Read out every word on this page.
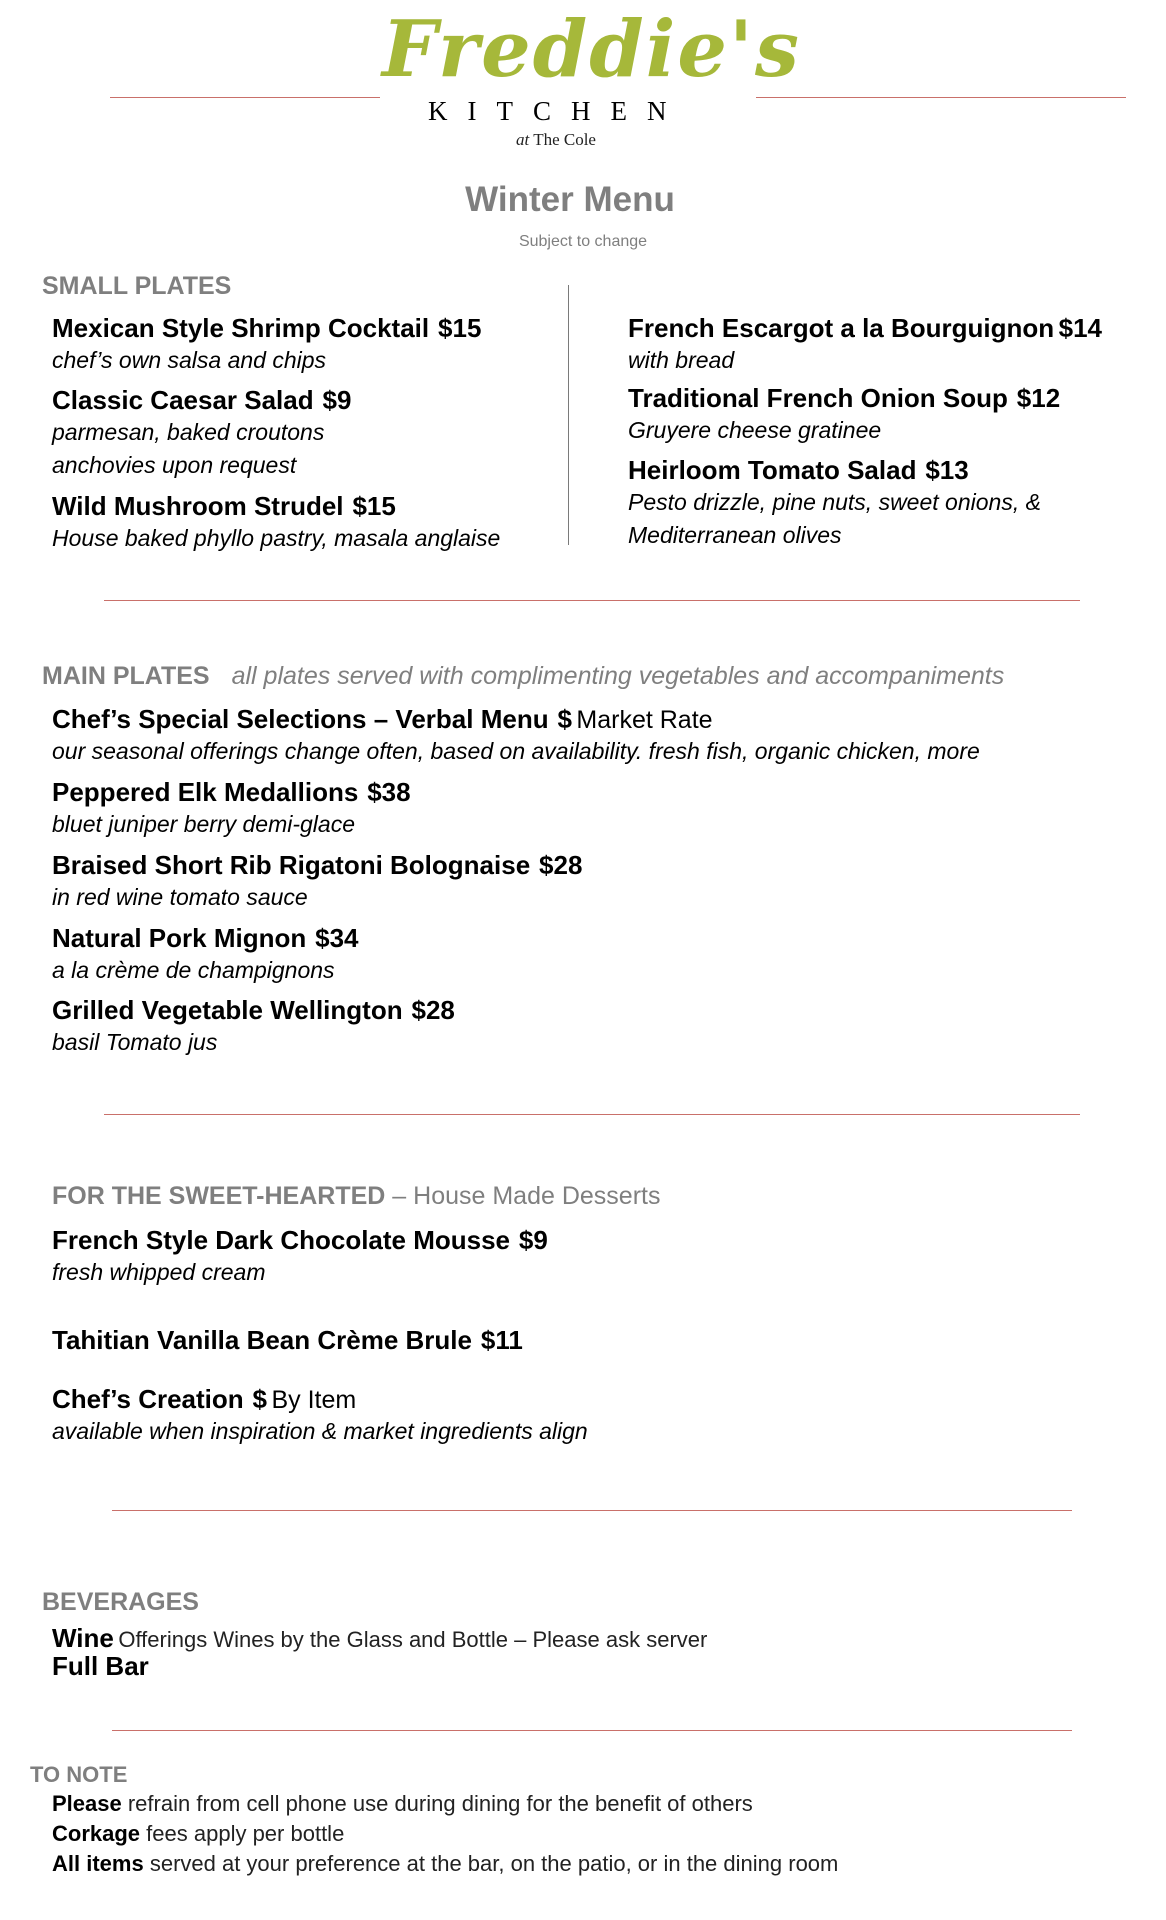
Freddie's
KITCHEN
at The Cole
Winter Menu
Subject to change
SMALL PLATES
Mexican Style Shrimp Cocktail $15
chef’s own salsa and chips
Classic Caesar Salad $9
parmesan, baked croutons
anchovies upon request
Wild Mushroom Strudel $15
House baked phyllo pastry, masala anglaise
French Escargot a la Bourguignon $14
with bread
Traditional French Onion Soup $12
Gruyere cheese gratinee
Heirloom Tomato Salad $13
Pesto drizzle, pine nuts, sweet onions, &
Mediterranean olives
MAIN PLATES all plates served with complimenting vegetables and accompaniments
Chef’s Special Selections – Verbal Menu $ Market Rate
our seasonal offerings change often, based on availability. fresh fish, organic chicken, more
Peppered Elk Medallions $38
bluet juniper berry demi-glace
Braised Short Rib Rigatoni Bolognaise $28
in red wine tomato sauce
Natural Pork Mignon $34
a la crème de champignons
Grilled Vegetable Wellington $28
basil Tomato jus
FOR THE SWEET-HEARTED – House Made Desserts
French Style Dark Chocolate Mousse $9
fresh whipped cream
Tahitian Vanilla Bean Crème Brule $11
Chef’s Creation $ By Item
available when inspiration & market ingredients align
BEVERAGES
Wine Offerings Wines by the Glass and Bottle – Please ask server
Full Bar
TO NOTE
Please refrain from cell phone use during dining for the benefit of others
Corkage fees apply per bottle
All items served at your preference at the bar, on the patio, or in the dining room
